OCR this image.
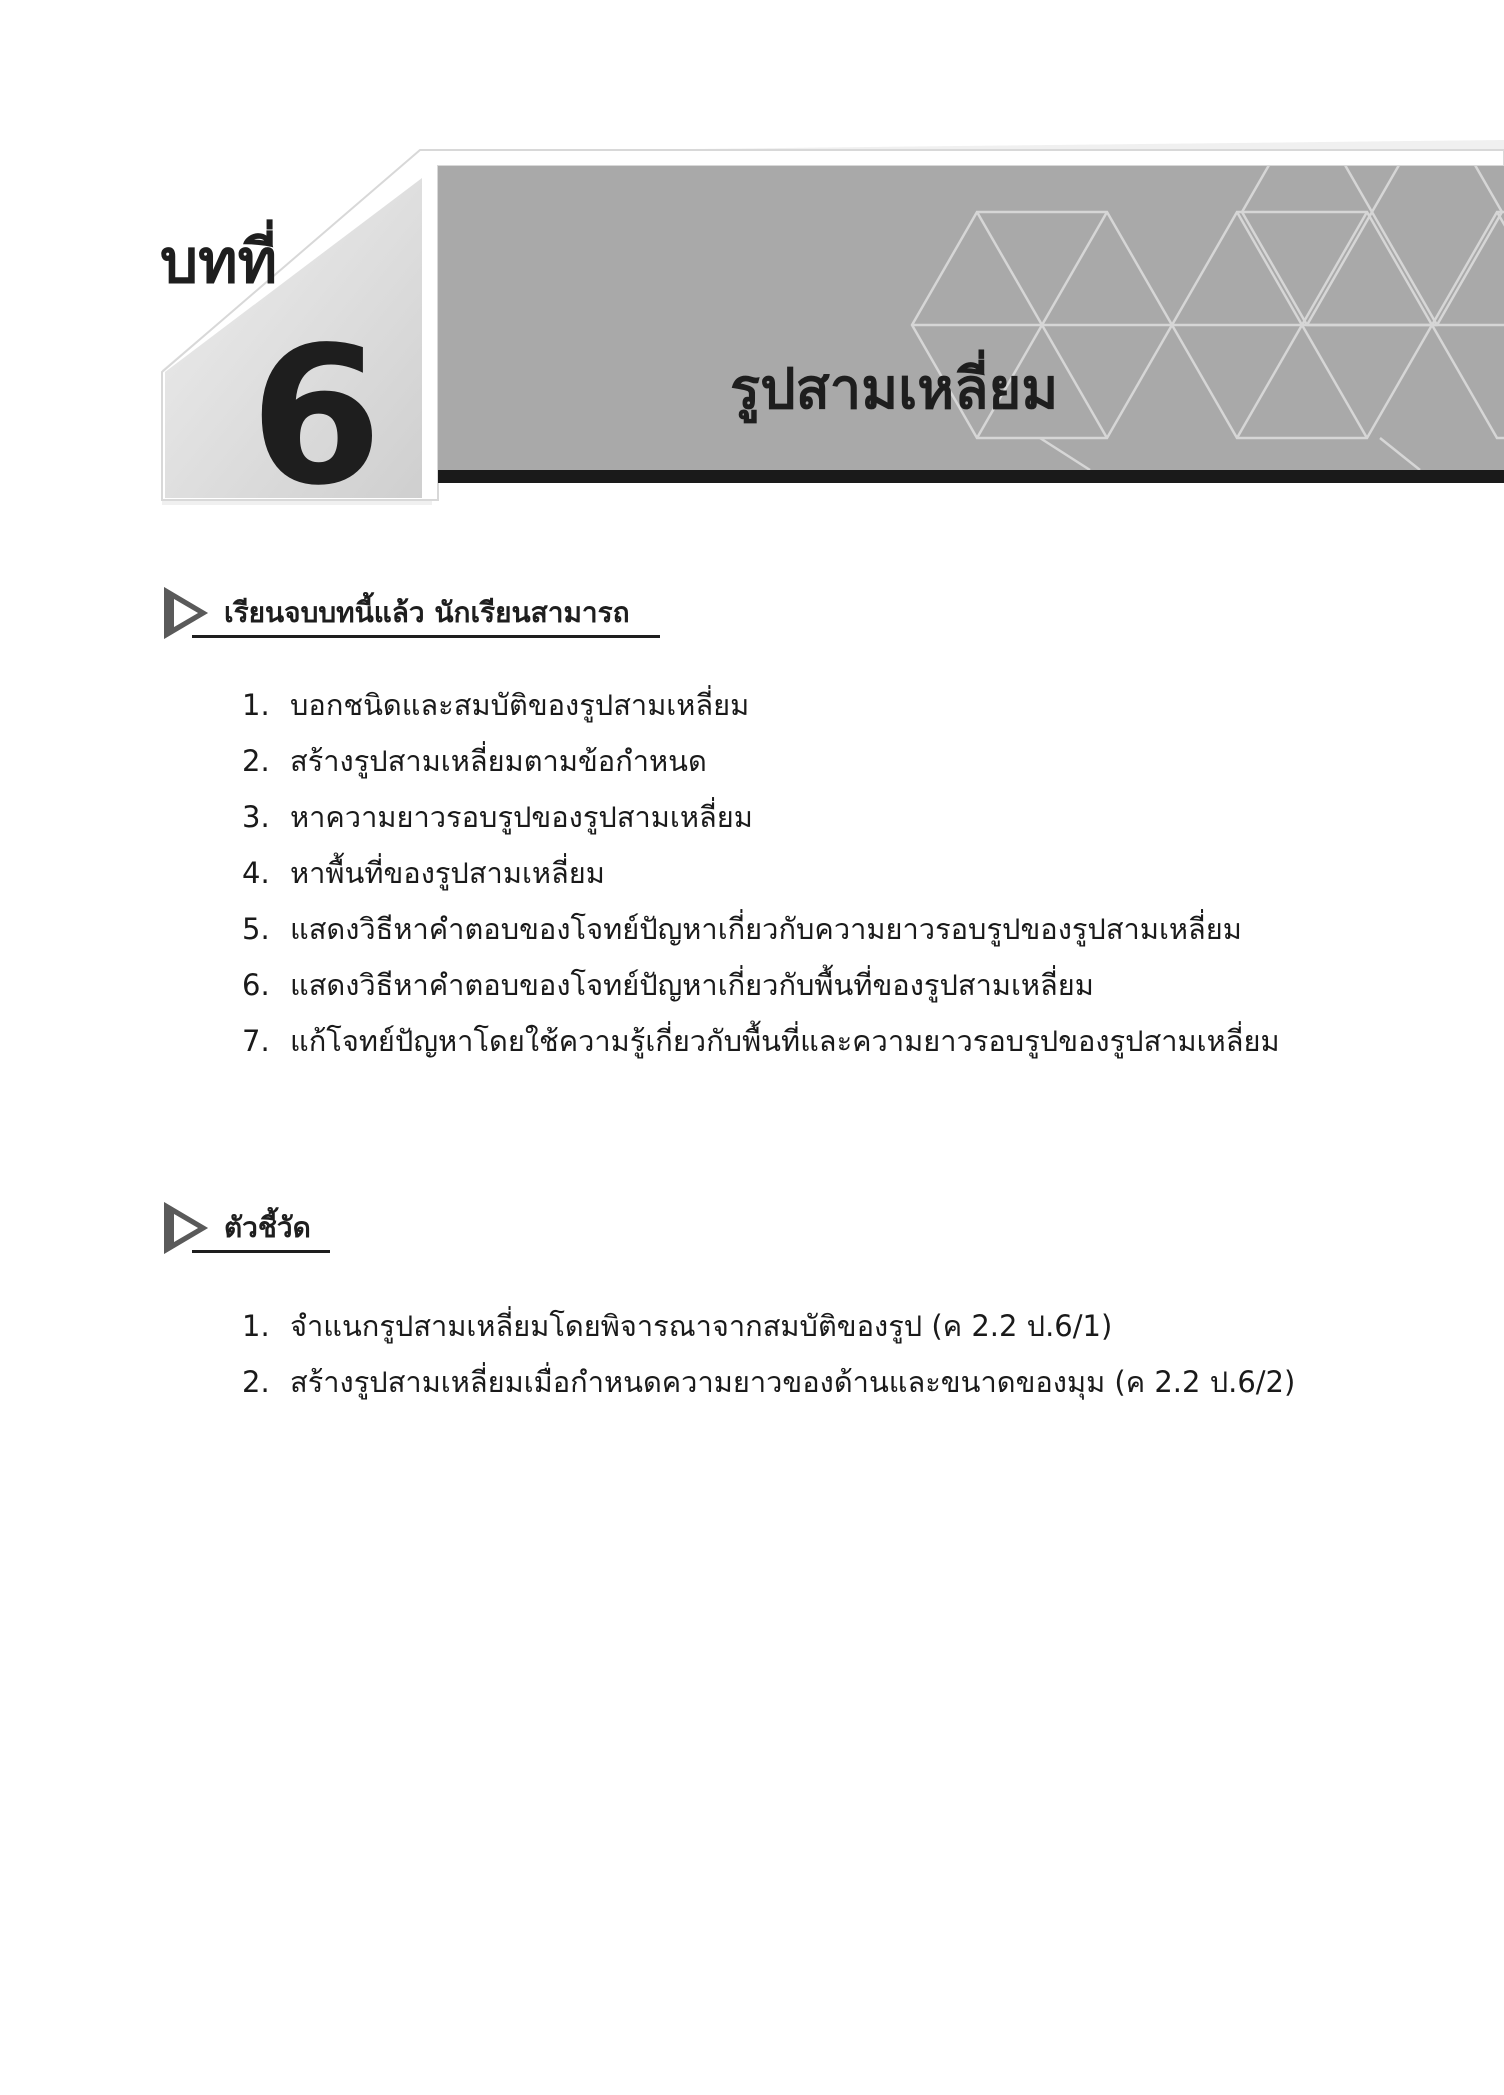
บทที่
6	รูปสามเหลี่ยม
เรียนจบบทนี้แล้ว นักเรียนสามารถ
1. บอกชนิดและสมบัติของรูปสามเหลี่ยม
2. สร้างรูปสามเหลี่ยมตามข้อกำหนด
3. หาความยาวรอบรูปของรูปสามเหลี่ยม
4. หาพื้นที่ของรูปสามเหลี่ยม
5. แสดงวิธีหาคำตอบของโจทย์ปัญหาเกี่ยวกับความยาวรอบรูปของรูปสามเหลี่ยม
6. แสดงวิธีหาคำตอบของโจทย์ปัญหาเกี่ยวกับพื้นที่ของรูปสามเหลี่ยม
7. แก้โจทย์ปัญหาโดยใช้ความรู้เกี่ยวกับพื้นที่และความยาวรอบรูปของรูปสามเหลี่ยม
ตัวชี้วัด
1. จำแนกรูปสามเหลี่ยมโดยพิจารณาจากสมบัติของรูป (ค 2.2 ป.6/1)
2. สร้างรูปสามเหลี่ยมเมื่อกำหนดความยาวของด้านและขนาดของมุม (ค 2.2 ป.6/2)
